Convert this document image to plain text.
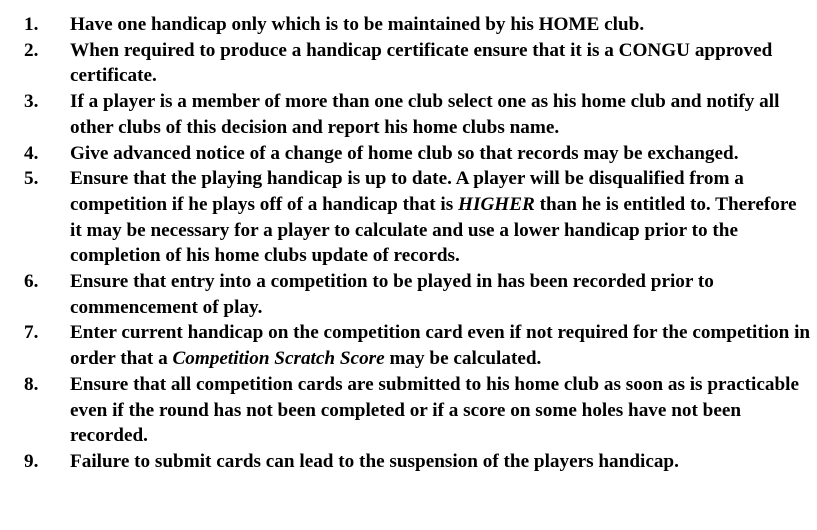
1.	Have one handicap only which is to be maintained by his HOME club.
2.	When required to produce a handicap certificate ensure that it is a CONGU approved certificate.
3.	If a player is a member of more than one club select one as his home club and notify all other clubs of this decision and report his home clubs name.
4.	Give advanced notice of a change of home club so that records may be exchanged.
5.	Ensure that the playing handicap is up to date. A player will be disqualified from a competition if he plays off of a handicap that is HIGHER than he is entitled to. Therefore it may be necessary for a player to calculate and use a lower handicap prior to the completion of his home clubs update of records.
6.	Ensure that entry into a competition to be played in has been recorded prior to commencement of play.
7.	Enter current handicap on the competition card even if not required for the competition in order that a Competition Scratch Score may be calculated.
8.	Ensure that all competition cards are submitted to his home club as soon as is practicable even if the round has not been completed or if a score on some holes have not been recorded.
9.	Failure to submit cards can lead to the suspension of the players handicap.
